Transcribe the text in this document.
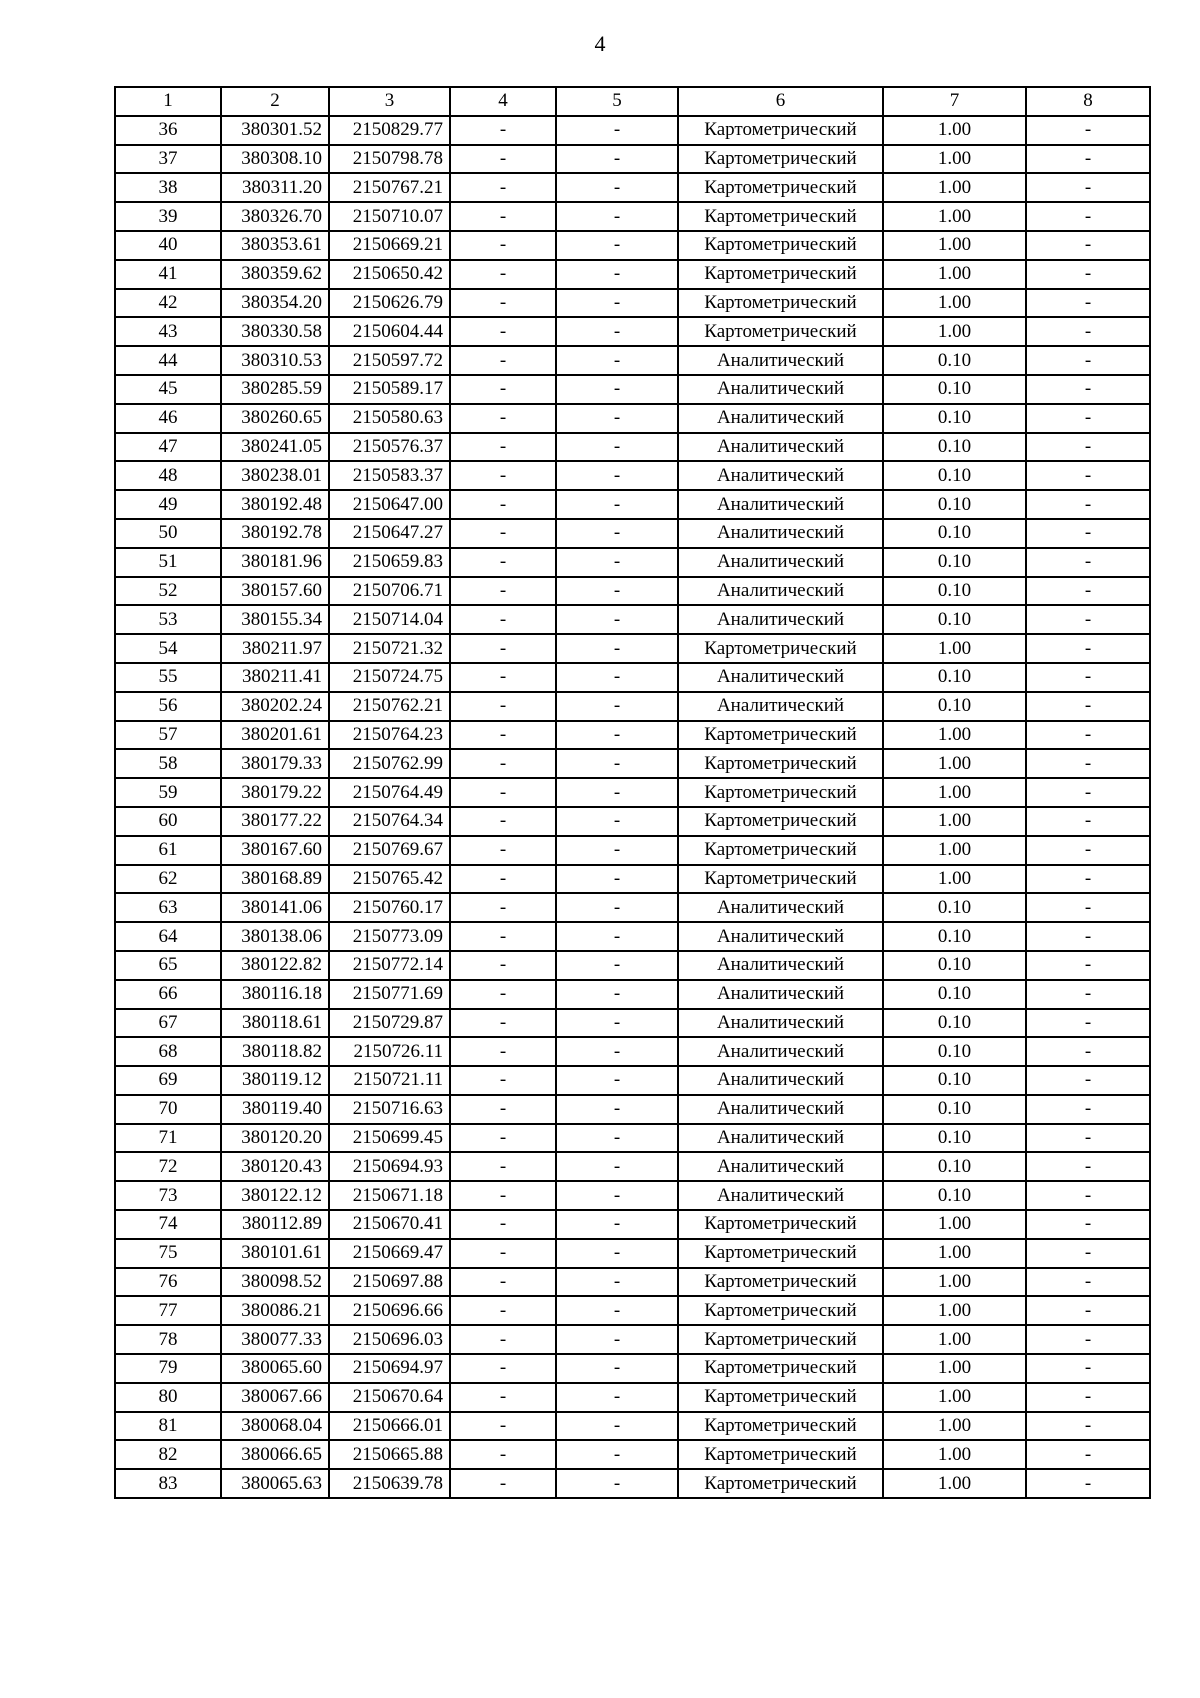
4
1	2	3	4	5	6	7	8
36	380301.52	2150829.77	-	-	Картометрический	1.00	-
37	380308.10	2150798.78	-	-	Картометрический	1.00	-
38	380311.20	2150767.21	-	-	Картометрический	1.00	-
39	380326.70	2150710.07	-	-	Картометрический	1.00	-
40	380353.61	2150669.21	-	-	Картометрический	1.00	-
41	380359.62	2150650.42	-	-	Картометрический	1.00	-
42	380354.20	2150626.79	-	-	Картометрический	1.00	-
43	380330.58	2150604.44	-	-	Картометрический	1.00	-
44	380310.53	2150597.72	-	-	Аналитический	0.10	-
45	380285.59	2150589.17	-	-	Аналитический	0.10	-
46	380260.65	2150580.63	-	-	Аналитический	0.10	-
47	380241.05	2150576.37	-	-	Аналитический	0.10	-
48	380238.01	2150583.37	-	-	Аналитический	0.10	-
49	380192.48	2150647.00	-	-	Аналитический	0.10	-
50	380192.78	2150647.27	-	-	Аналитический	0.10	-
51	380181.96	2150659.83	-	-	Аналитический	0.10	-
52	380157.60	2150706.71	-	-	Аналитический	0.10	-
53	380155.34	2150714.04	-	-	Аналитический	0.10	-
54	380211.97	2150721.32	-	-	Картометрический	1.00	-
55	380211.41	2150724.75	-	-	Аналитический	0.10	-
56	380202.24	2150762.21	-	-	Аналитический	0.10	-
57	380201.61	2150764.23	-	-	Картометрический	1.00	-
58	380179.33	2150762.99	-	-	Картометрический	1.00	-
59	380179.22	2150764.49	-	-	Картометрический	1.00	-
60	380177.22	2150764.34	-	-	Картометрический	1.00	-
61	380167.60	2150769.67	-	-	Картометрический	1.00	-
62	380168.89	2150765.42	-	-	Картометрический	1.00	-
63	380141.06	2150760.17	-	-	Аналитический	0.10	-
64	380138.06	2150773.09	-	-	Аналитический	0.10	-
65	380122.82	2150772.14	-	-	Аналитический	0.10	-
66	380116.18	2150771.69	-	-	Аналитический	0.10	-
67	380118.61	2150729.87	-	-	Аналитический	0.10	-
68	380118.82	2150726.11	-	-	Аналитический	0.10	-
69	380119.12	2150721.11	-	-	Аналитический	0.10	-
70	380119.40	2150716.63	-	-	Аналитический	0.10	-
71	380120.20	2150699.45	-	-	Аналитический	0.10	-
72	380120.43	2150694.93	-	-	Аналитический	0.10	-
73	380122.12	2150671.18	-	-	Аналитический	0.10	-
74	380112.89	2150670.41	-	-	Картометрический	1.00	-
75	380101.61	2150669.47	-	-	Картометрический	1.00	-
76	380098.52	2150697.88	-	-	Картометрический	1.00	-
77	380086.21	2150696.66	-	-	Картометрический	1.00	-
78	380077.33	2150696.03	-	-	Картометрический	1.00	-
79	380065.60	2150694.97	-	-	Картометрический	1.00	-
80	380067.66	2150670.64	-	-	Картометрический	1.00	-
81	380068.04	2150666.01	-	-	Картометрический	1.00	-
82	380066.65	2150665.88	-	-	Картометрический	1.00	-
83	380065.63	2150639.78	-	-	Картометрический	1.00	-
